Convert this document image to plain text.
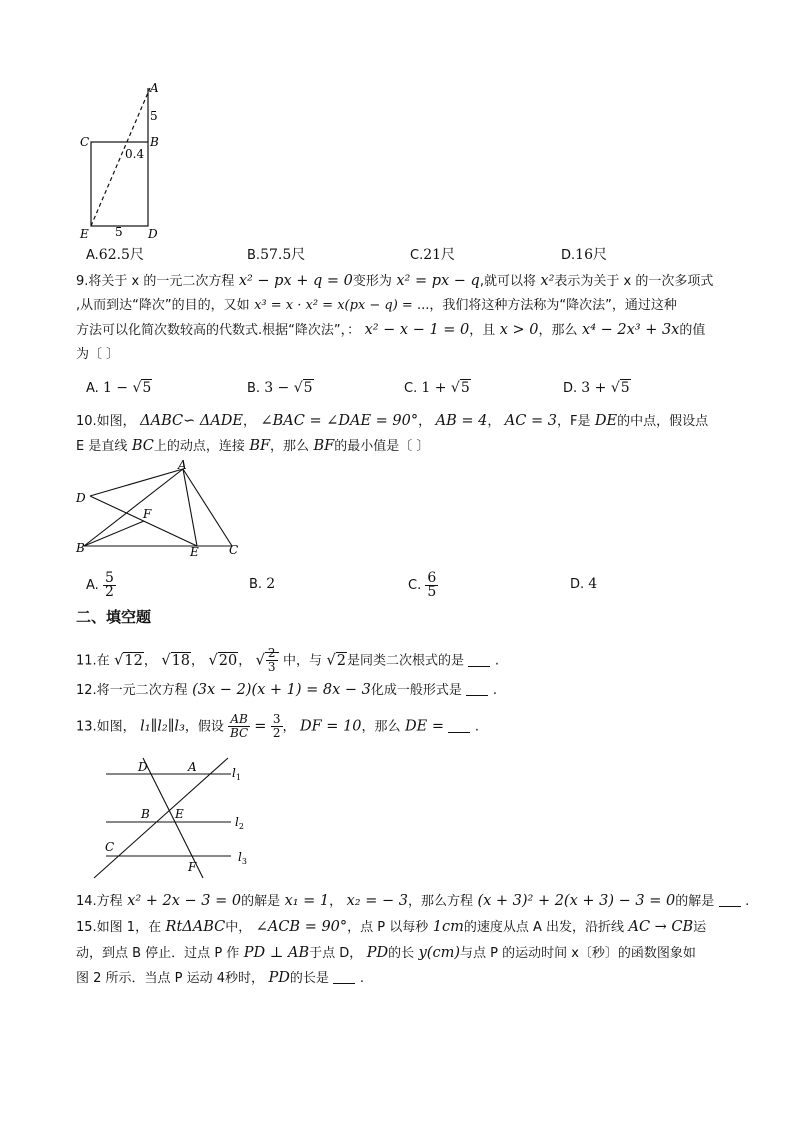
A
B
C
D
E
5
0.4
5
A.62.5尺	B.57.5尺	C.21尺	D.16尺
9.将关于 x 的一元二次方程 x² − px + q = 0变形为 x² = px − q,就可以将 x²表示为关于 x 的一次多项式
,从而到达“降次”的目的，又如 x³ = x · x² = x(px − q) = ...，我们将这种方法称为“降次法”，通过这种
方法可以化简次数较高的代数式.根据“降次法”，： x² − x − 1 = 0，且 x > 0，那么 x⁴ − 2x³ + 3x的值
为〔 〕
A. 1 − √5	B. 3 − √5	C. 1 + √5	D. 3 + √5
10.如图， ΔABC∽ ΔADE， ∠BAC = ∠DAE = 90°， AB = 4， AC = 3，F是 DE的中点，假设点
E 是直线 BC上的动点，连接 BF，那么 BF的最小值是〔 〕
A
B	C
D
E
F
A. $\frac{5}{2}$	B. 2	C. $\frac{6}{5}$	D. 4
二、填空题
11.在 √12， √18， √20， √ $\frac{2}{3}$ 中，与 √2是同类二次根式的是 .
12.将一元二次方程 (3x − 2)(x + 1) = 8x − 3化成一般形式是 .
13.如图， l₁∥l₂∥l₃，假设 $\frac{AB}{BC} = \frac{3}{2}$ ， DF = 10，那么 DE = .
D	A
B E
C
F
$l_1$
$l_2$
$l_3$
14.方程 x² + 2x − 3 = 0的解是 x₁ = 1， x₂ = − 3，那么方程 (x + 3)² + 2(x + 3) − 3 = 0的解是 .
15.如图 1，在 RtΔABC中， ∠ACB = 90°，点 P 以每秒 1cm的速度从点 A 出发，沿折线 AC → CB运
动，到点 B 停止．过点 P 作 PD ⊥ AB于点 D， PD的长 y(cm)与点 P 的运动时间 x〔秒〕的函数图象如
图 2 所示．当点 P 运动 4秒时， PD的长是 .
